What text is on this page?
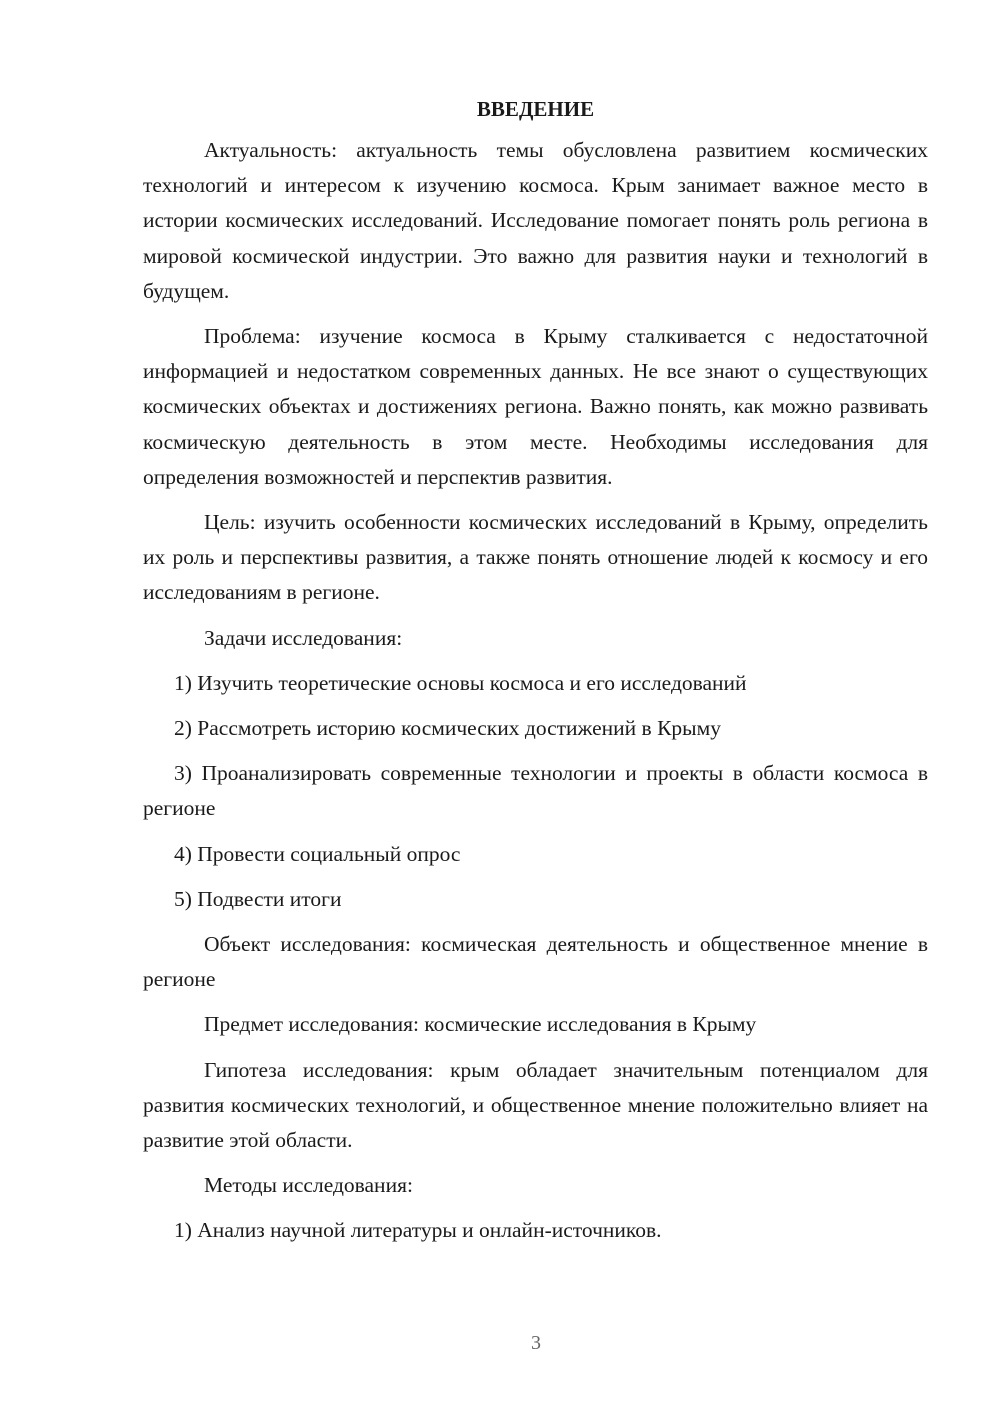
ВВЕДЕНИЕ

Актуальность: актуальность темы обусловлена развитием космических технологий и интересом к изучению космоса. Крым занимает важное место в истории космических исследований. Исследование помогает понять роль региона в мировой космической индустрии. Это важно для развития науки и технологий в будущем.

Проблема: изучение космоса в Крыму сталкивается с недостаточной информацией и недостатком современных данных. Не все знают о существующих космических объектах и достижениях региона. Важно понять, как можно развивать космическую деятельность в этом месте. Необходимы исследования для определения возможностей и перспектив развития.

Цель: изучить особенности космических исследований в Крыму, определить их роль и перспективы развития, а также понять отношение людей к космосу и его исследованиям в регионе.

Задачи исследования:

1) Изучить теоретические основы космоса и его исследований

2) Рассмотреть историю космических достижений в Крыму

3) Проанализировать современные технологии и проекты в области космоса в регионе

4) Провести социальный опрос

5) Подвести итоги

Объект исследования: космическая деятельность и общественное мнение в регионе

Предмет исследования: космические исследования в Крыму

Гипотеза исследования: крым обладает значительным потенциалом для развития космических технологий, и общественное мнение положительно влияет на развитие этой области.

Методы исследования:

1) Анализ научной литературы и онлайн-источников.

3
